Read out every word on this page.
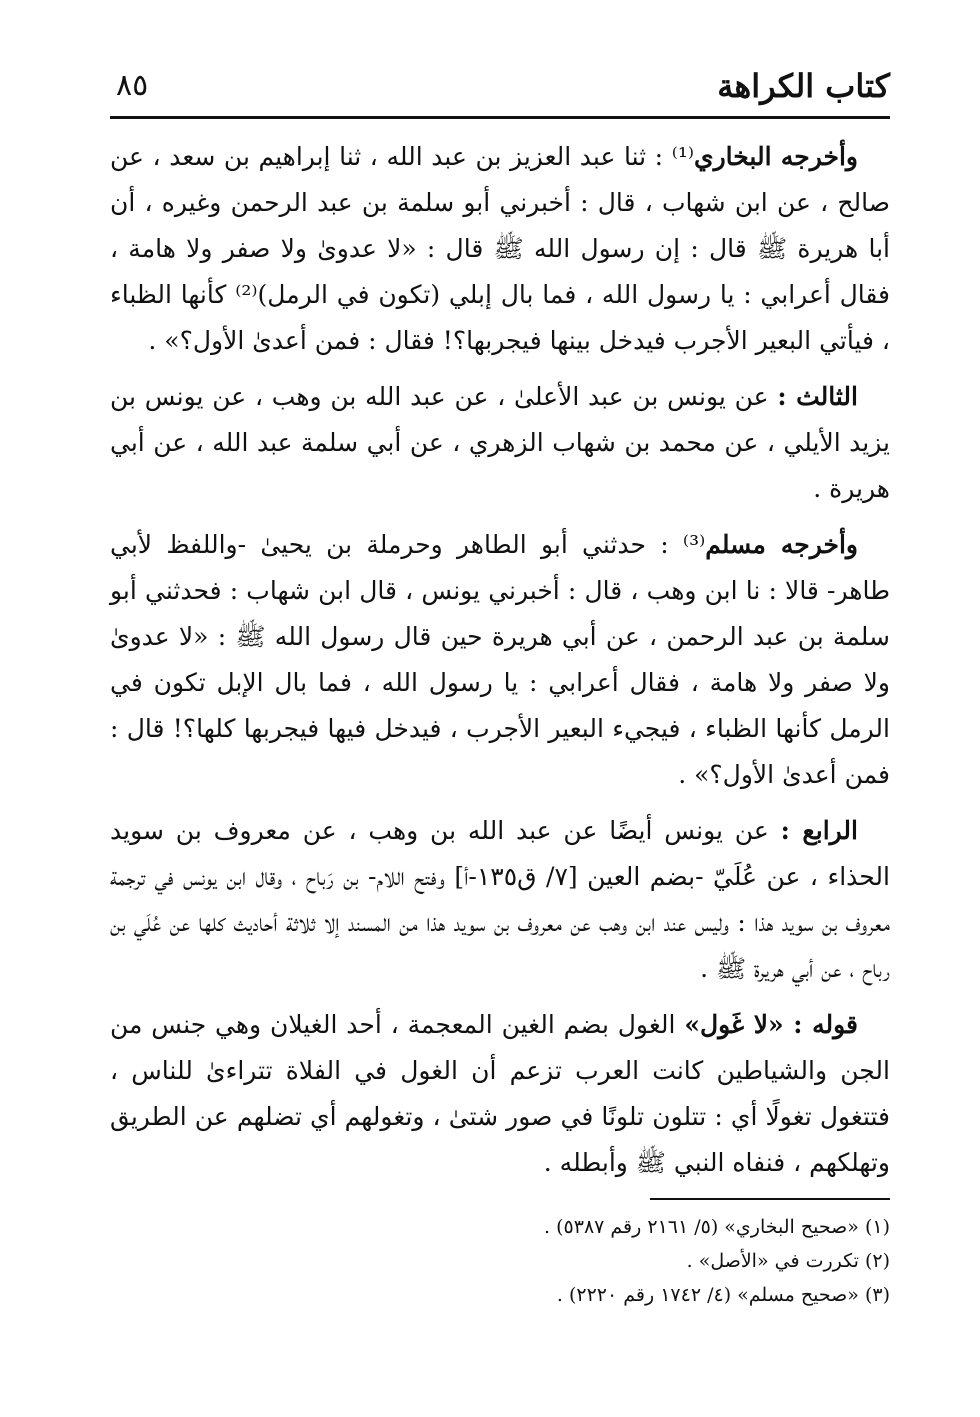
كتاب الكراهة
٨٥

وأخرجه البخاري⁽¹⁾ : ثنا عبد العزيز بن عبد الله ، ثنا إبراهيم بن سعد ، عن صالح ، عن ابن شهاب ، قال : أخبرني أبو سلمة بن عبد الرحمن وغيره ، أن أبا هريرة ﷺ قال : إن رسول الله ﷺ قال : «لا عدوىٰ ولا صفر ولا هامة ، فقال أعرابي : يا رسول الله ، فما بال إبلي (تكون في الرمل)⁽²⁾ كأنها الظباء ، فيأتي البعير الأجرب فيدخل بينها فيجربها؟! فقال : فمن أعدىٰ الأول؟» .

الثالث : عن يونس بن عبد الأعلىٰ ، عن عبد الله بن وهب ، عن يونس بن يزيد الأيلي ، عن محمد بن شهاب الزهري ، عن أبي سلمة عبد الله ، عن أبي هريرة .

وأخرجه مسلم⁽³⁾ : حدثني أبو الطاهر وحرملة بن يحيىٰ -واللفظ لأبي طاهر- قالا : نا ابن وهب ، قال : أخبرني يونس ، قال ابن شهاب : فحدثني أبو سلمة بن عبد الرحمن ، عن أبي هريرة حين قال رسول الله ﷺ : «لا عدوىٰ ولا صفر ولا هامة ، فقال أعرابي : يا رسول الله ، فما بال الإبل تكون في الرمل كأنها الظباء ، فيجيء البعير الأجرب ، فيدخل فيها فيجربها كلها؟! قال : فمن أعدىٰ الأول؟» .

الرابع : عن يونس أيضًا عن عبد الله بن وهب ، عن معروف بن سويد الحذاء ، عن عُلَيّ -بضم العين [٧/ ق١٣٥-أ] وفتح اللام- بن رَباح ، وقال ابن يونس في ترجمة معروف بن سويد هذا : وليس عند ابن وهب عن معروف بن سويد هذا من المسند إلا ثلاثة أحاديث كلها عن عُلَي بن رباح ، عن أبي هريرة ﷺ .

قوله : «لا غَول» الغول بضم الغين المعجمة ، أحد الغيلان وهي جنس من الجن والشياطين كانت العرب تزعم أن الغول في الفلاة تتراءىٰ للناس ، فتتغول تغولًا أي : تتلون تلونًا في صور شتىٰ ، وتغولهم أي تضلهم عن الطريق وتهلكهم ، فنفاه النبي ﷺ وأبطله .

(١) «صحيح البخاري» (٥/ ٢١٦١ رقم ٥٣٨٧) .

(٢) تكررت في «الأصل» .

(٣) «صحيح مسلم» (٤/ ١٧٤٢ رقم ٢٢٢٠) .
